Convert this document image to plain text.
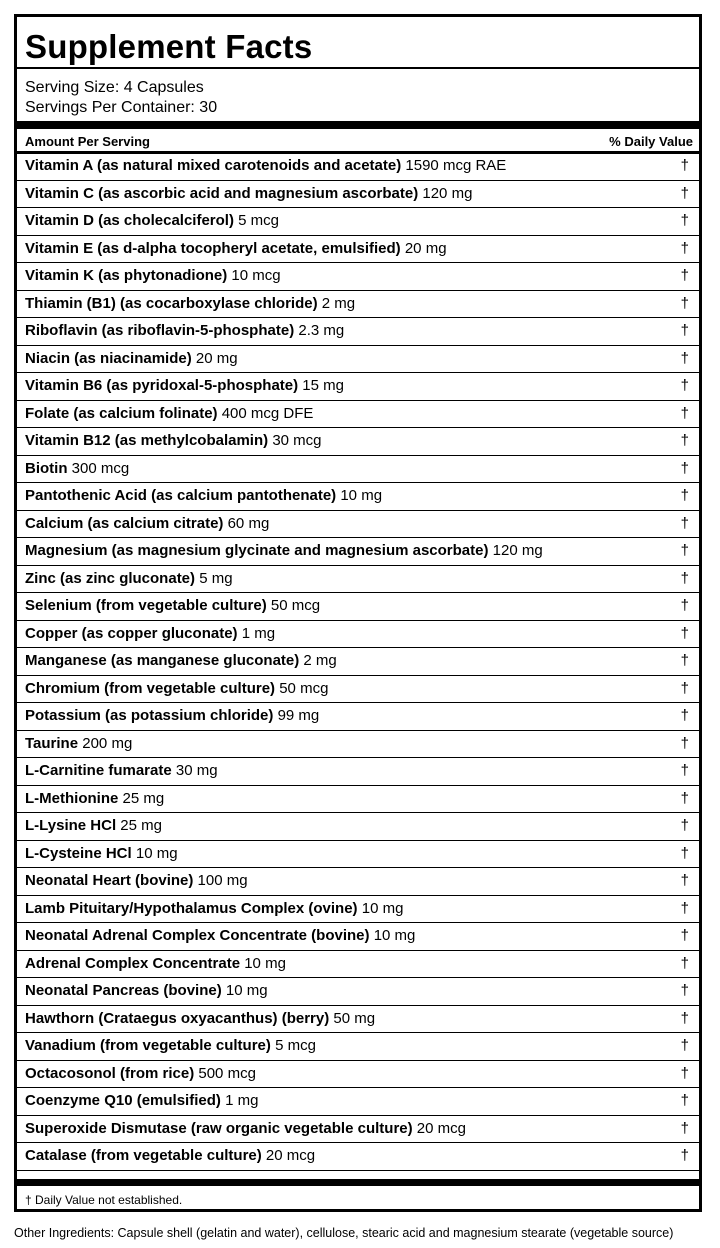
Supplement Facts
Serving Size: 4 Capsules
Servings Per Container: 30
Amount Per Serving	% Daily Value
Vitamin A (as natural mixed carotenoids and acetate) 1590 mcg RAE	†
Vitamin C (as ascorbic acid and magnesium ascorbate) 120 mg	†
Vitamin D (as cholecalciferol) 5 mcg	†
Vitamin E (as d-alpha tocopheryl acetate, emulsified) 20 mg	†
Vitamin K (as phytonadione) 10 mcg	†
Thiamin (B1) (as cocarboxylase chloride) 2 mg	†
Riboflavin (as riboflavin-5-phosphate) 2.3 mg	†
Niacin (as niacinamide) 20 mg	†
Vitamin B6 (as pyridoxal-5-phosphate) 15 mg	†
Folate (as calcium folinate) 400 mcg DFE	†
Vitamin B12 (as methylcobalamin) 30 mcg	†
Biotin 300 mcg	†
Pantothenic Acid (as calcium pantothenate) 10 mg	†
Calcium (as calcium citrate) 60 mg	†
Magnesium (as magnesium glycinate and magnesium ascorbate) 120 mg	†
Zinc (as zinc gluconate) 5 mg	†
Selenium (from vegetable culture) 50 mcg	†
Copper (as copper gluconate) 1 mg	†
Manganese (as manganese gluconate) 2 mg	†
Chromium (from vegetable culture) 50 mcg	†
Potassium (as potassium chloride) 99 mg	†
Taurine 200 mg	†
L-Carnitine fumarate 30 mg	†
L-Methionine 25 mg	†
L-Lysine HCl 25 mg	†
L-Cysteine HCl 10 mg	†
Neonatal Heart (bovine) 100 mg	†
Lamb Pituitary/Hypothalamus Complex (ovine) 10 mg	†
Neonatal Adrenal Complex Concentrate (bovine) 10 mg	†
Adrenal Complex Concentrate 10 mg	†
Neonatal Pancreas (bovine) 10 mg	†
Hawthorn (Crataegus oxyacanthus) (berry) 50 mg	†
Vanadium (from vegetable culture) 5 mcg	†
Octacosonol (from rice) 500 mcg	†
Coenzyme Q10 (emulsified) 1 mg	†
Superoxide Dismutase (raw organic vegetable culture) 20 mcg	†
Catalase (from vegetable culture) 20 mcg	†
† Daily Value not established.
Other Ingredients: Capsule shell (gelatin and water), cellulose, stearic acid and magnesium stearate (vegetable source)
